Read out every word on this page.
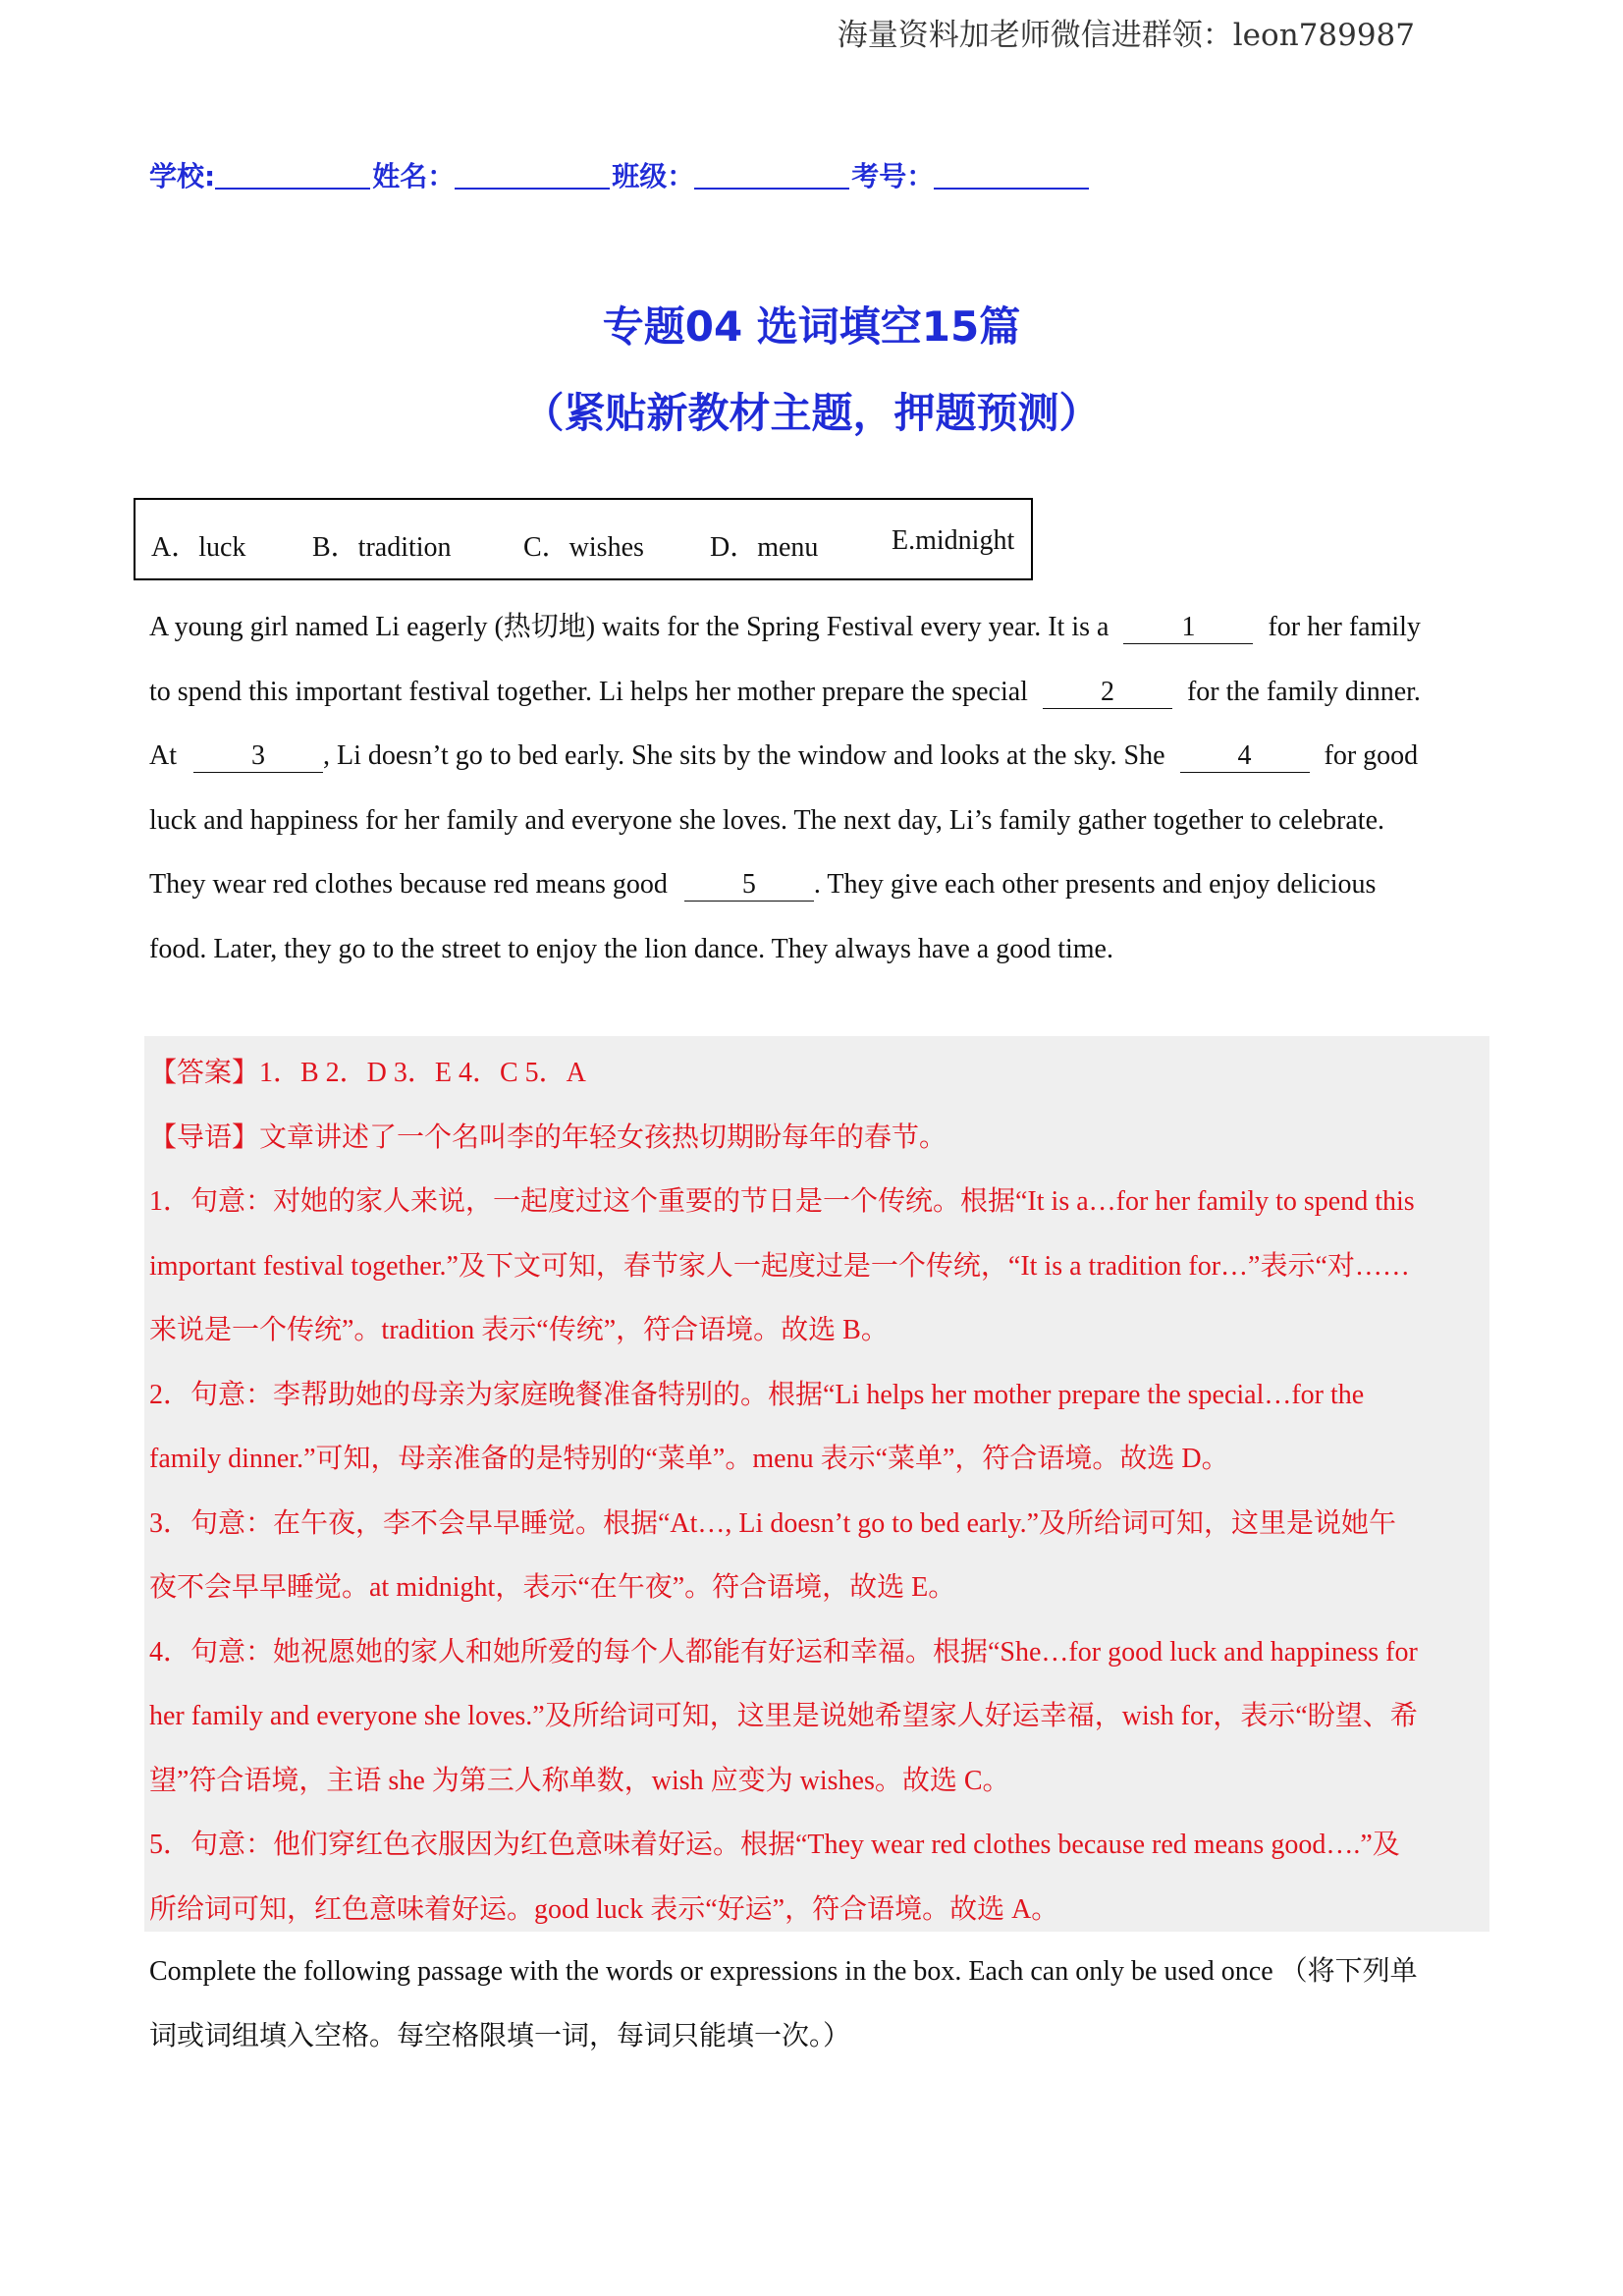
海量资料加老师微信进群领：leon789987
学校:	姓名：	班级：	考号：
专题04 选词填空15篇
（紧贴新教材主题，押题预测）
A．luck B．tradition	C．wishes D．menu	E.midnight
A young girl named Li eagerly (热切地) waits for the Spring Festival every year. It is a	1	for her family
to spend this important festival together. Li helps her mother prepare the special	2	for the family dinner.
At	3 , Li doesn’t go to bed early. She sits by the window and looks at the sky. She	4	for good
luck and happiness for her family and everyone she loves. The next day, Li’s family gather together to celebrate.
They wear red clothes because red means good	5 . They give each other presents and enjoy delicious
food. Later, they go to the street to enjoy the lion dance. They always have a good time.
【答案】1．B 2．D 3．E 4．C 5．A
【导语】文章讲述了一个名叫李的年轻女孩热切期盼每年的春节。
1．句意：对她的家人来说，一起度过这个重要的节日是一个传统。根据“It is a…for her family to spend this
important festival together.”及下文可知，春节家人一起度过是一个传统，“It is a tradition for…”表示“对……
来说是一个传统”。tradition 表示“传统”，符合语境。故选 B。
2．句意：李帮助她的母亲为家庭晚餐准备特别的。根据“Li helps her mother prepare the special…for the
family dinner.”可知，母亲准备的是特别的“菜单”。menu 表示“菜单”，符合语境。故选 D。
3．句意：在午夜，李不会早早睡觉。根据“At…, Li doesn’t go to bed early.”及所给词可知，这里是说她午
夜不会早早睡觉。at midnight，表示“在午夜”。符合语境，故选 E。
4．句意：她祝愿她的家人和她所爱的每个人都能有好运和幸福。根据“She…for good luck and happiness for
her family and everyone she loves.”及所给词可知，这里是说她希望家人好运幸福，wish for，表示“盼望、希
望”符合语境，主语 she 为第三人称单数，wish 应变为 wishes。故选 C。
5．句意：他们穿红色衣服因为红色意味着好运。根据“They wear red clothes because red means good….”及
所给词可知，红色意味着好运。good luck 表示“好运”，符合语境。故选 A。
Complete the following passage with the words or expressions in the box. Each can only be used once （将下列单
词或词组填入空格。每空格限填一词，每词只能填一次。）
